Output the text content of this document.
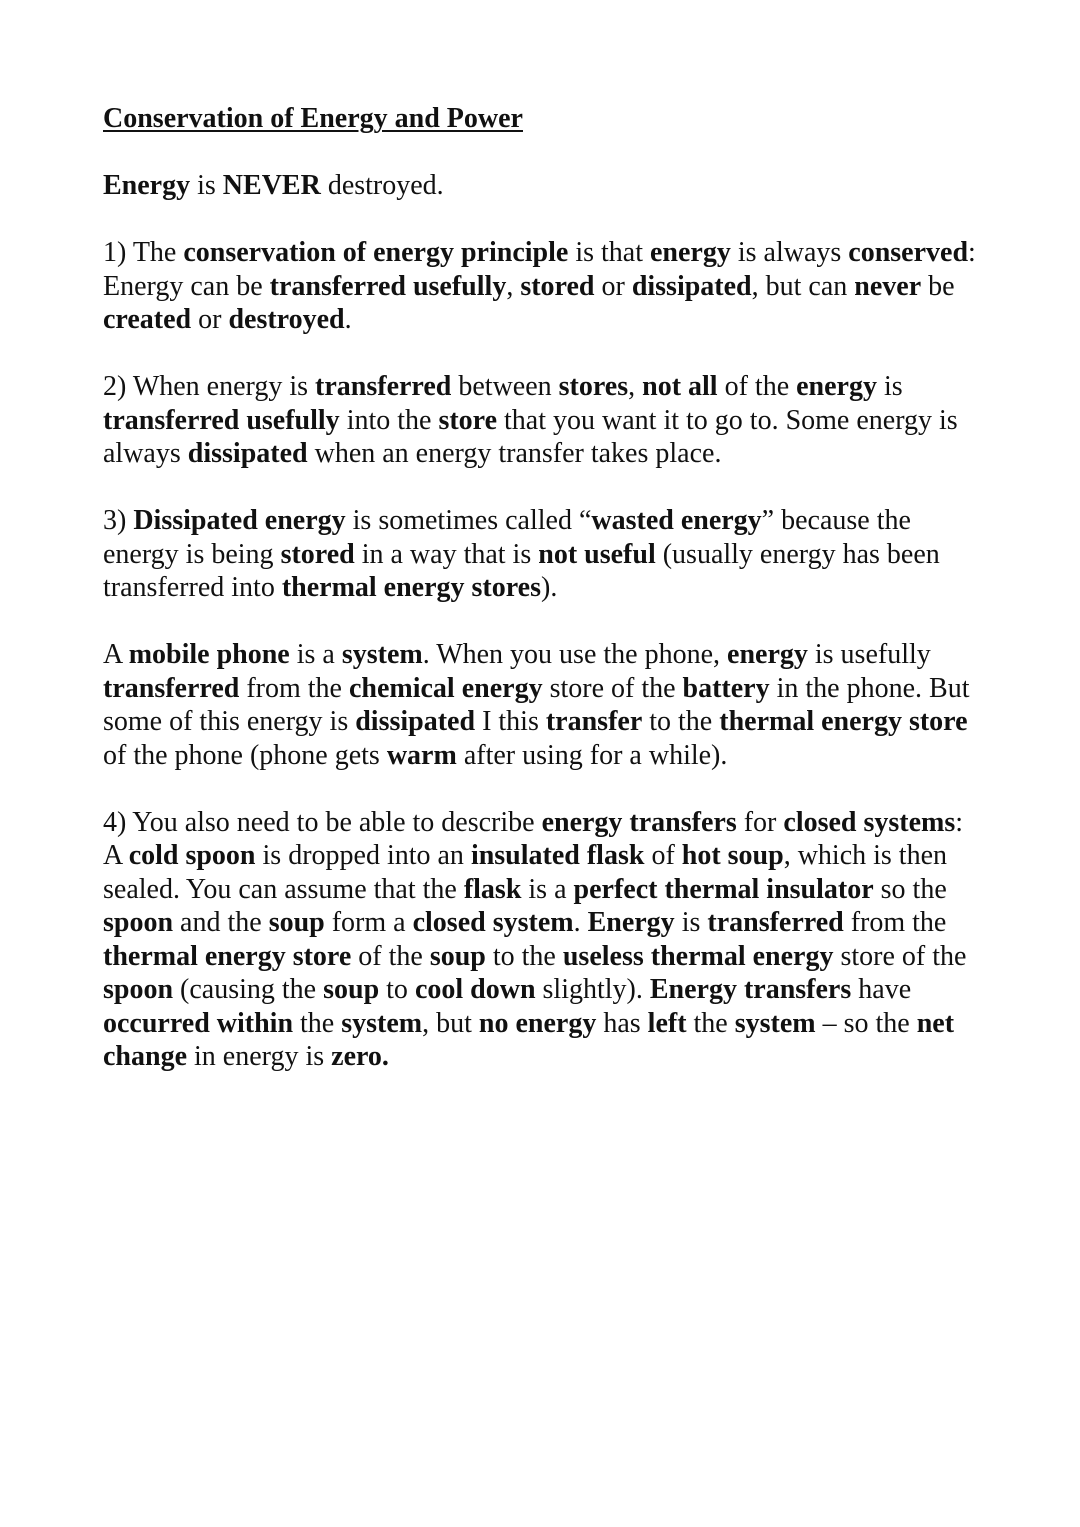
Conservation of Energy and Power

Energy is NEVER destroyed.

1) The conservation of energy principle is that energy is always conserved:
Energy can be transferred usefully, stored or dissipated, but can never be created or destroyed.

2) When energy is transferred between stores, not all of the energy is transferred usefully into the store that you want it to go to. Some energy is always dissipated when an energy transfer takes place.

3) Dissipated energy is sometimes called “wasted energy” because the energy is being stored in a way that is not useful (usually energy has been transferred into thermal energy stores).

A mobile phone is a system. When you use the phone, energy is usefully transferred from the chemical energy store of the battery in the phone. But some of this energy is dissipated I this transfer to the thermal energy store of the phone (phone gets warm after using for a while).

4) You also need to be able to describe energy transfers for closed systems:
A cold spoon is dropped into an insulated flask of hot soup, which is then sealed. You can assume that the flask is a perfect thermal insulator so the spoon and the soup form a closed system. Energy is transferred from the thermal energy store of the soup to the useless thermal energy store of the spoon (causing the soup to cool down slightly). Energy transfers have occurred within the system, but no energy has left the system – so the net change in energy is zero.
